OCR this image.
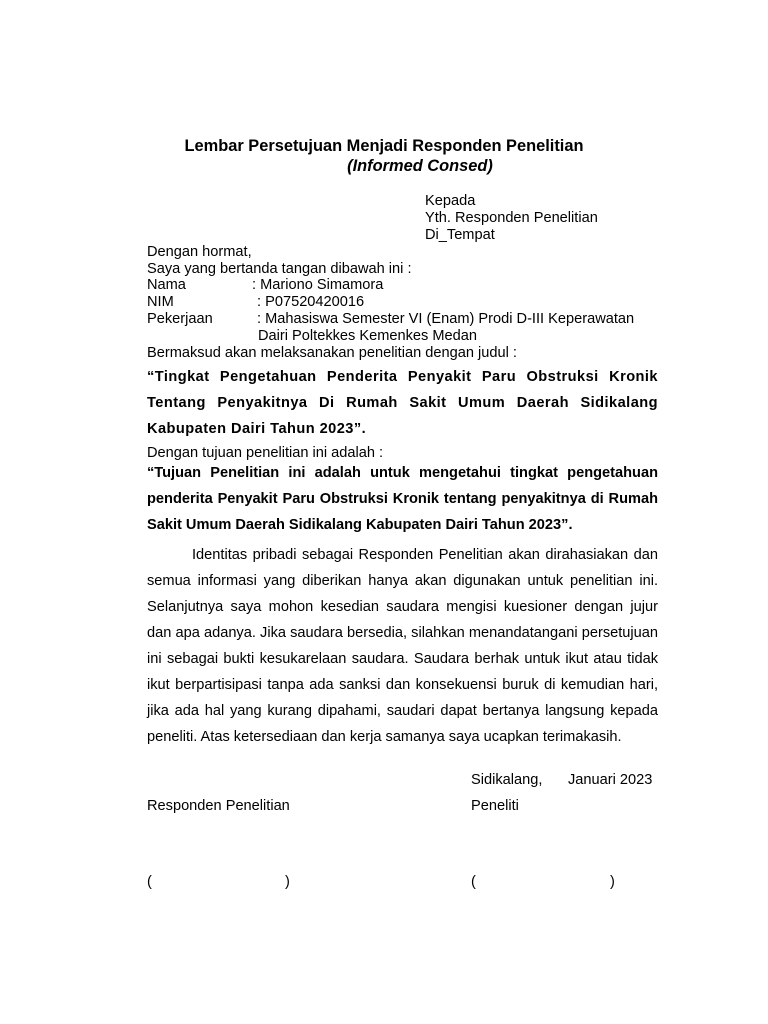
Lembar Persetujuan Menjadi Responden Penelitian
(Informed Consed)
Kepada
Yth. Responden Penelitian
Di_Tempat
Dengan hormat,
Saya yang bertanda tangan dibawah ini :
Nama	: Mariono Simamora
NIM	: P07520420016
Pekerjaan	: Mahasiswa Semester VI (Enam) Prodi D-III Keperawatan
Dairi Poltekkes Kemenkes Medan
Bermaksud akan melaksanakan penelitian dengan judul :
“Tingkat Pengetahuan Penderita Penyakit Paru Obstruksi Kronik Tentang Penyakitnya Di Rumah Sakit Umum Daerah Sidikalang Kabupaten Dairi Tahun 2023”.
Dengan tujuan penelitian ini adalah :
“Tujuan Penelitian ini adalah untuk mengetahui tingkat pengetahuan penderita Penyakit Paru Obstruksi Kronik tentang penyakitnya di Rumah Sakit Umum Daerah Sidikalang Kabupaten Dairi Tahun 2023”.
Identitas pribadi sebagai Responden Penelitian akan dirahasiakan dan semua informasi yang diberikan hanya akan digunakan untuk penelitian ini. Selanjutnya saya mohon kesedian saudara mengisi kuesioner dengan jujur dan apa adanya. Jika saudara bersedia, silahkan menandatangani persetujuan ini sebagai bukti kesukarelaan saudara. Saudara berhak untuk ikut atau tidak ikut berpartisipasi tanpa ada sanksi dan konsekuensi buruk di kemudian hari, jika ada hal yang kurang dipahami, saudari dapat bertanya langsung kepada peneliti. Atas ketersediaan dan kerja samanya saya ucapkan terimakasih.
Sidikalang, Januari 2023
Responden Penelitian	Peneliti
(	)	(	)
